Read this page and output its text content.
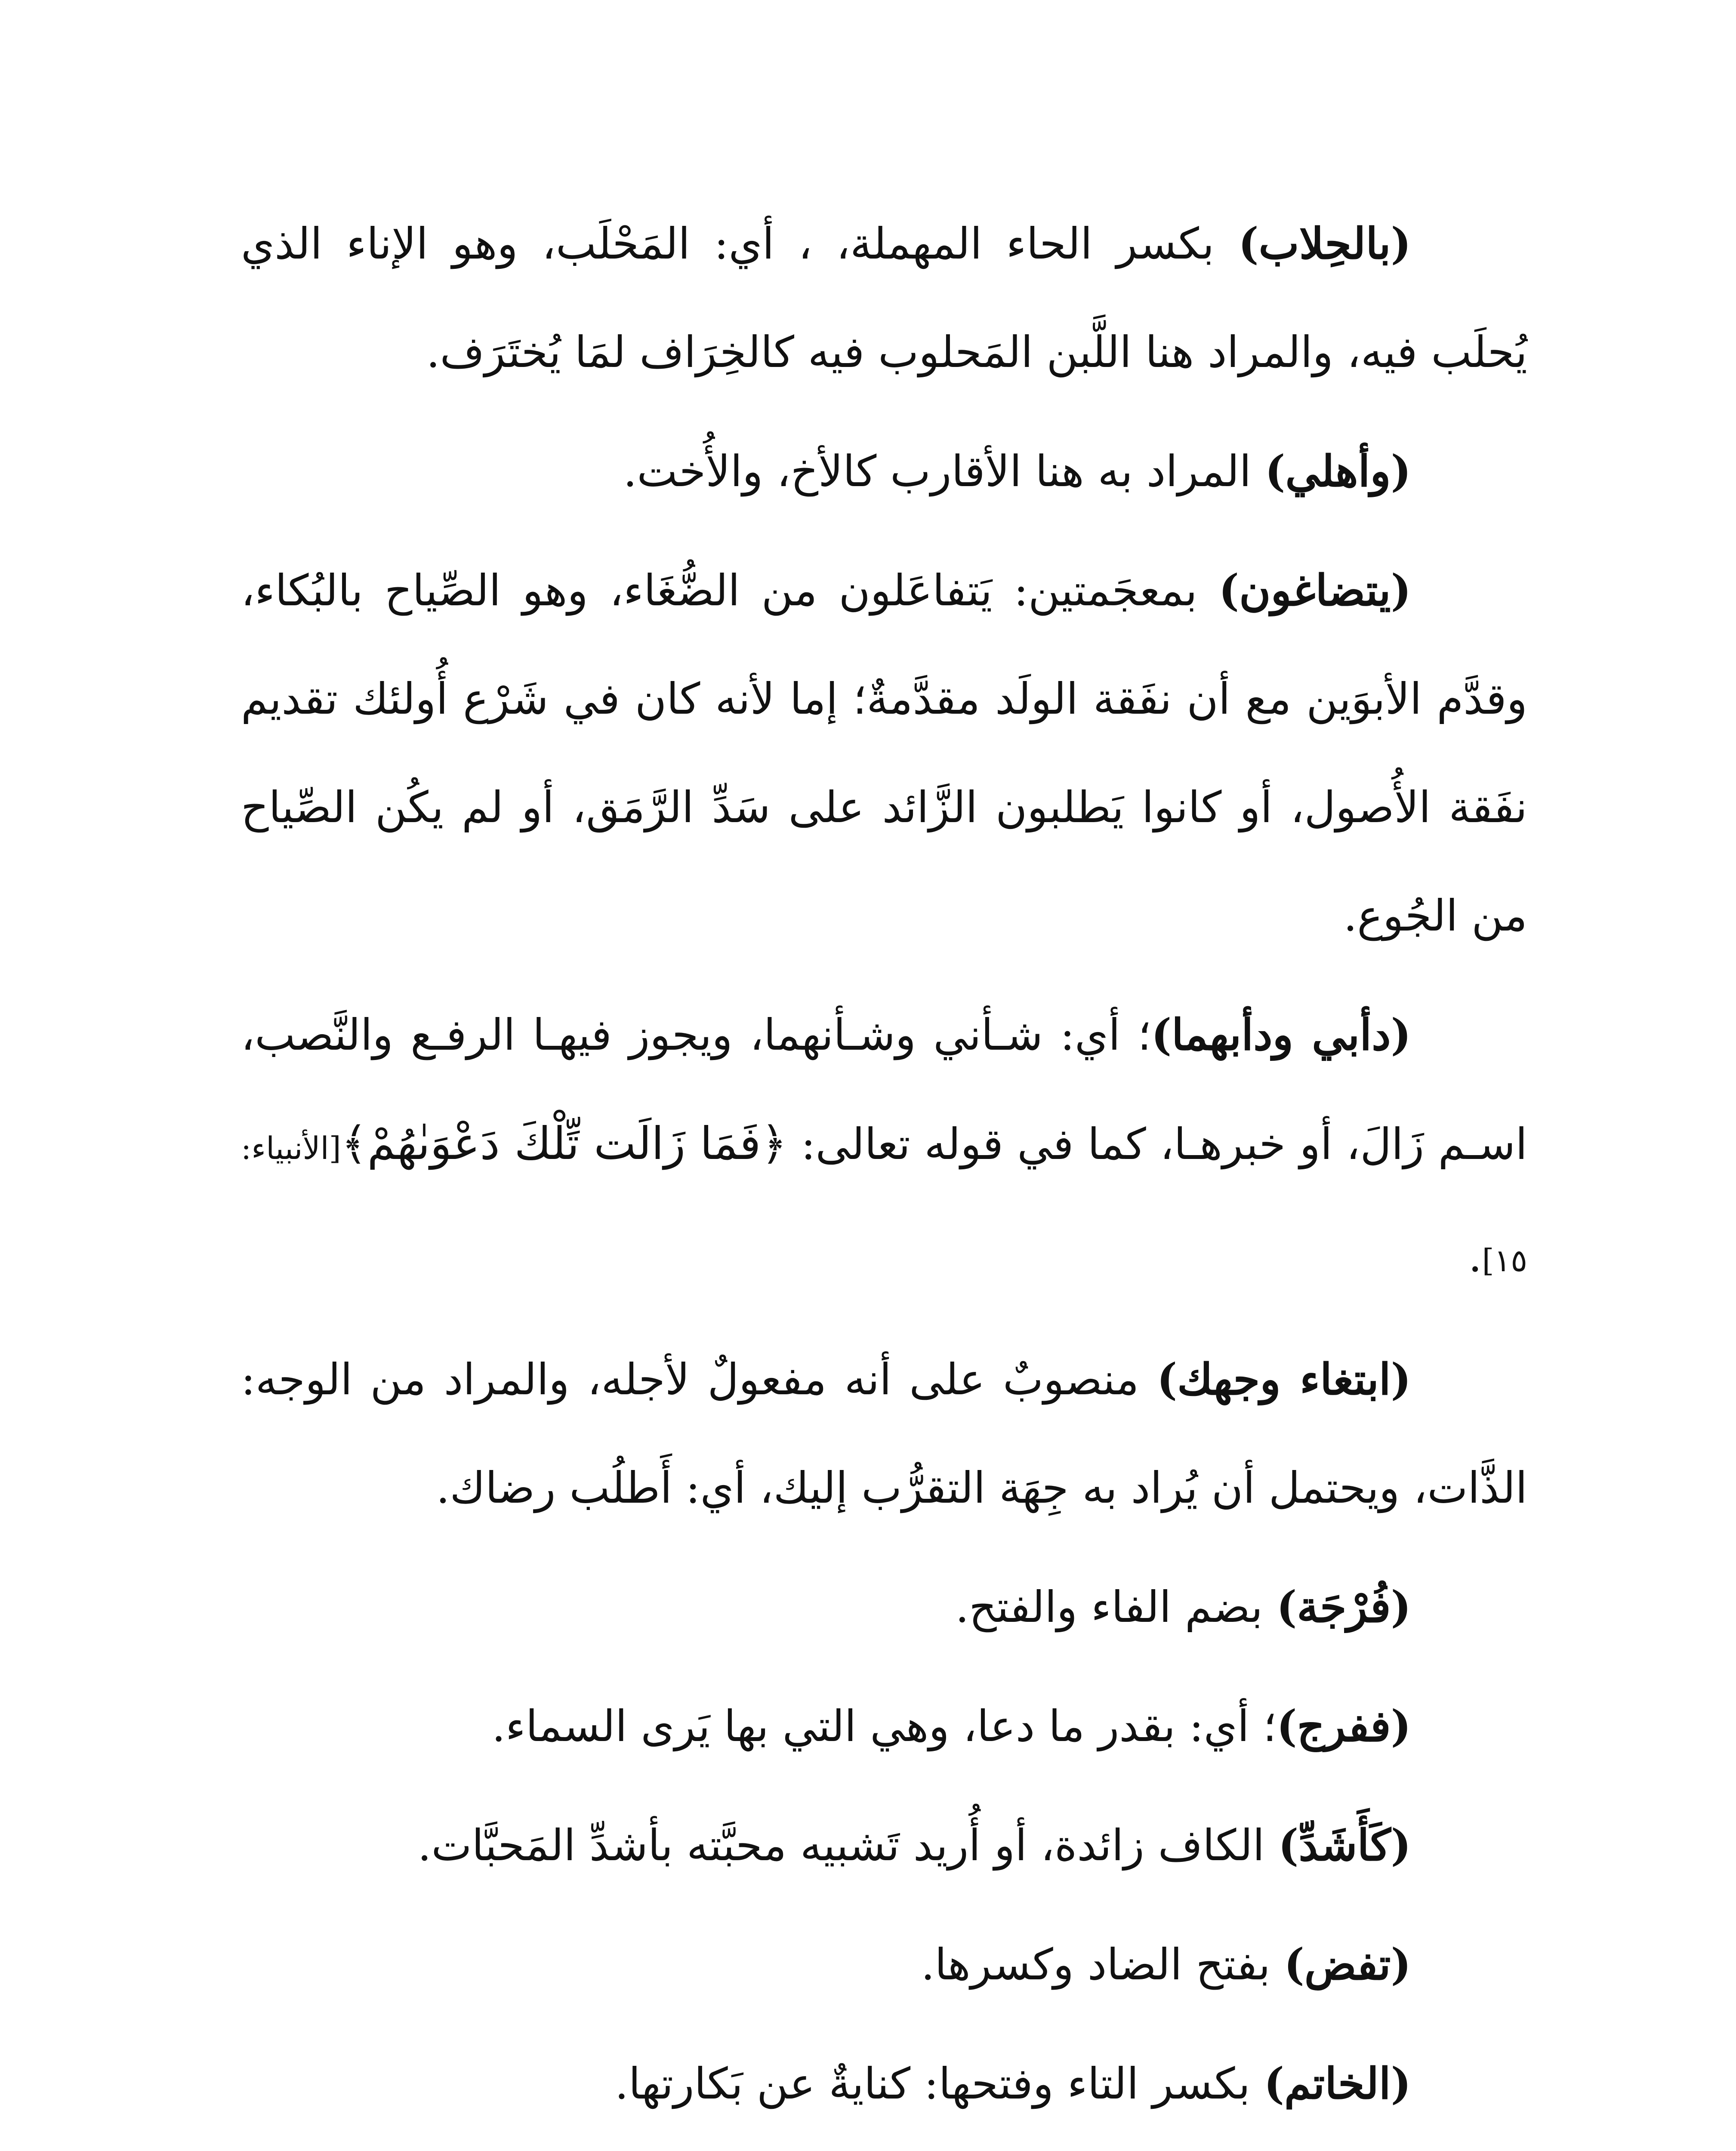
(بالحِلاب) بكسر الحاء المهملة، ، أي: المَحْلَب، وهو الإناء الذي يُحلَب فيه، والمراد هنا اللَّبن المَحلوب فيه كالخِرَاف لمَا يُختَرَف.

(وأهلي) المراد به هنا الأقارب كالأخ، والأُخت.

(يتضاغون) بمعجَمتين: يَتفاعَلون من الضُّغَاء، وهو الصِّياح بالبُكاء، وقدَّم الأبوَين مع أن نفَقة الولَد مقدَّمةٌ؛ إما لأنه كان في شَرْع أُولئك تقديم نفَقة الأُصول، أو كانوا يَطلبون الزَّائد على سَدِّ الرَّمَق، أو لم يكُن الصِّياح من الجُوع.

(دأبي ودأبهما)؛ أي: شـأني وشـأنهما، ويجوز فيهـا الرفـع والنَّصب، اسـم زَالَ، أو خبرهـا، كما في قوله تعالى: ﴿فَمَا زَالَت تِّلْكَ دَعْوَىٰهُمْ﴾[الأنبياء: ١٥].

(ابتغاء وجهك) منصوبٌ على أنه مفعولٌ لأجله، والمراد من الوجه: الذَّات، ويحتمل أن يُراد به جِهَة التقرُّب إليك، أي: أَطلُب رضاك.

(فُرْجَة) بضم الفاء والفتح.

(ففرج)؛ أي: بقدر ما دعا، وهي التي بها يَرى السماء.

(كَأَشَدِّ) الكاف زائدة، أو أُريد تَشبيه محبَّته بأشدِّ المَحبَّات.

(تفض) بفتح الضاد وكسرها.

(الخاتم) بكسر التاء وفتحها: كنايةٌ عن بَكارتها.
